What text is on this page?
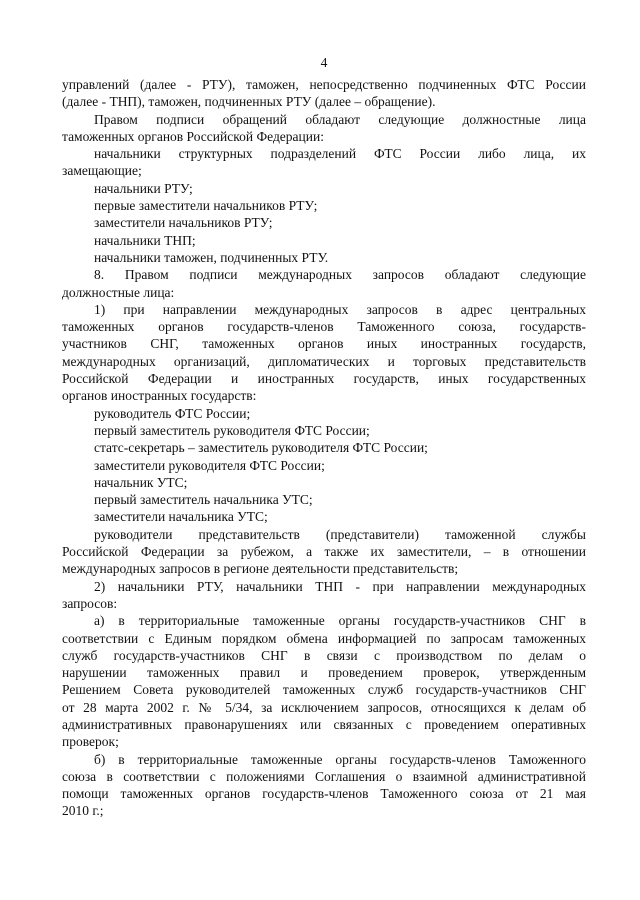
4

управлений (далее - РТУ), таможен, непосредственно подчиненных ФТС России

(далее - ТНП), таможен, подчиненных РТУ (далее – обращение).

Правом подписи обращений обладают следующие должностные лица

таможенных органов Российской Федерации:

начальники структурных подразделений ФТС России либо лица, их

замещающие;

начальники РТУ;

первые заместители начальников РТУ;

заместители начальников РТУ;

начальники ТНП;

начальники таможен, подчиненных РТУ.

8. Правом подписи международных запросов обладают следующие

должностные лица:

1) при направлении международных запросов в адрес центральных

таможенных органов государств-членов Таможенного союза, государств-

участников СНГ, таможенных органов иных иностранных государств,

международных организаций, дипломатических и торговых представительств

Российской Федерации и иностранных государств, иных государственных

органов иностранных государств:

руководитель ФТС России;

первый заместитель руководителя ФТС России;

статс-секретарь – заместитель руководителя ФТС России;

заместители руководителя ФТС России;

начальник УТС;

первый заместитель начальника УТС;

заместители начальника УТС;

руководители представительств (представители) таможенной службы

Российской Федерации за рубежом, а также их заместители, – в отношении

международных запросов в регионе деятельности представительств;

2) начальники РТУ, начальники ТНП - при направлении международных

запросов:

а) в территориальные таможенные органы государств-участников СНГ в

соответствии с Единым порядком обмена информацией по запросам таможенных

служб государств-участников СНГ в связи с производством по делам о

нарушении таможенных правил и проведением проверок, утвержденным

Решением Совета руководителей таможенных служб государств-участников СНГ

от 28 марта 2002 г. № 5/34, за исключением запросов, относящихся к делам об

административных правонарушениях или связанных с проведением оперативных

проверок;

б) в территориальные таможенные органы государств-членов Таможенного

союза в соответствии с положениями Соглашения о взаимной административной

помощи таможенных органов государств-членов Таможенного союза от 21 мая

2010 г.;
